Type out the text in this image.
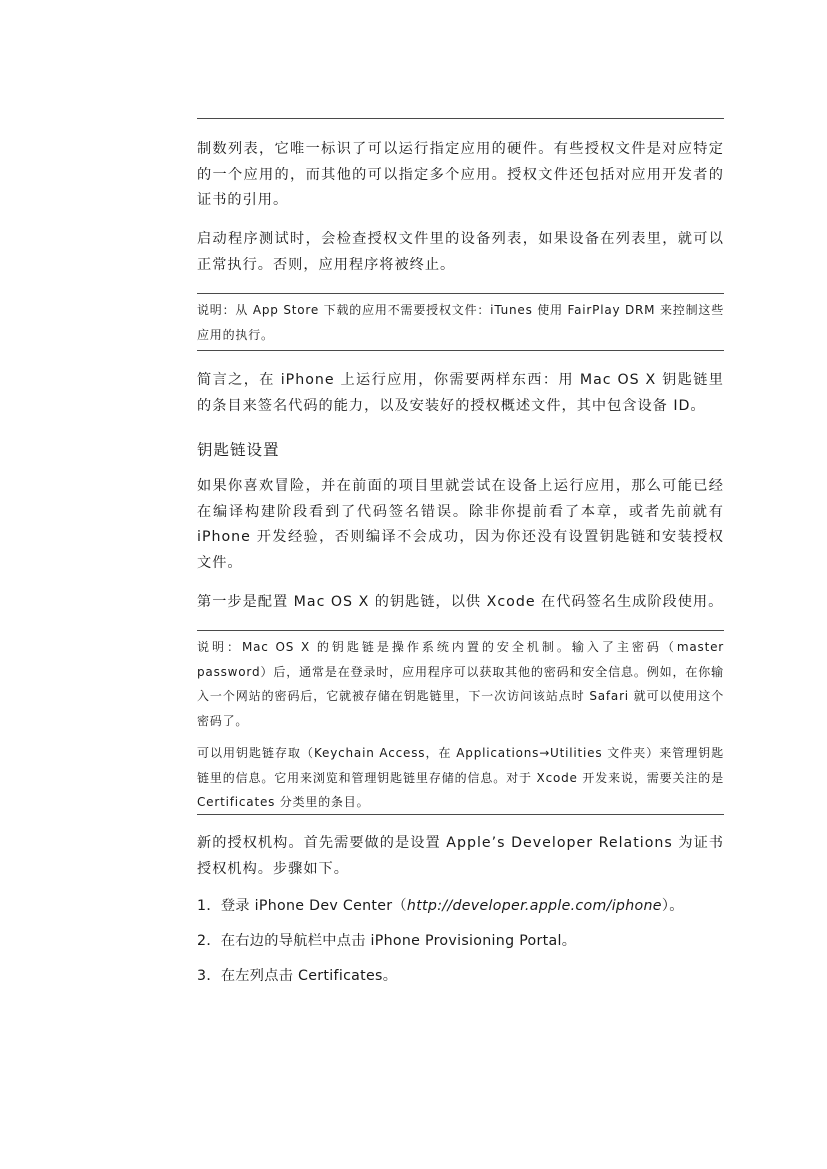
制数列表，它唯一标识了可以运行指定应用的硬件。有些授权文件是对应特定的一个应用的，而其他的可以指定多个应用。授权文件还包括对应用开发者的证书的引用。

启动程序测试时，会检查授权文件里的设备列表，如果设备在列表里，就可以正常执行。否则，应用程序将被终止。

说明：从 App Store 下载的应用不需要授权文件：iTunes 使用 FairPlay DRM 来控制这些应用的执行。

简言之，在 iPhone 上运行应用，你需要两样东西：用 Mac OS X 钥匙链里的条目来签名代码的能力，以及安装好的授权概述文件，其中包含设备 ID。

钥匙链设置

如果你喜欢冒险，并在前面的项目里就尝试在设备上运行应用，那么可能已经在编译构建阶段看到了代码签名错误。除非你提前看了本章，或者先前就有 iPhone 开发经验，否则编译不会成功，因为你还没有设置钥匙链和安装授权文件。

第一步是配置 Mac OS X 的钥匙链，以供 Xcode 在代码签名生成阶段使用。

说明：Mac OS X 的钥匙链是操作系统内置的安全机制。输入了主密码（master password）后，通常是在登录时，应用程序可以获取其他的密码和安全信息。例如，在你输入一个网站的密码后，它就被存储在钥匙链里，下一次访问该站点时 Safari 就可以使用这个密码了。

可以用钥匙链存取（Keychain Access，在 Applications→Utilities 文件夹）来管理钥匙链里的信息。它用来浏览和管理钥匙链里存储的信息。对于 Xcode 开发来说，需要关注的是 Certificates 分类里的条目。

新的授权机构。首先需要做的是设置 Apple’s Developer Relations 为证书授权机构。步骤如下。

1．登录 iPhone Dev Center（http://developer.apple.com/iphone）。
2．在右边的导航栏中点击 iPhone Provisioning Portal。
3．在左列点击 Certificates。
